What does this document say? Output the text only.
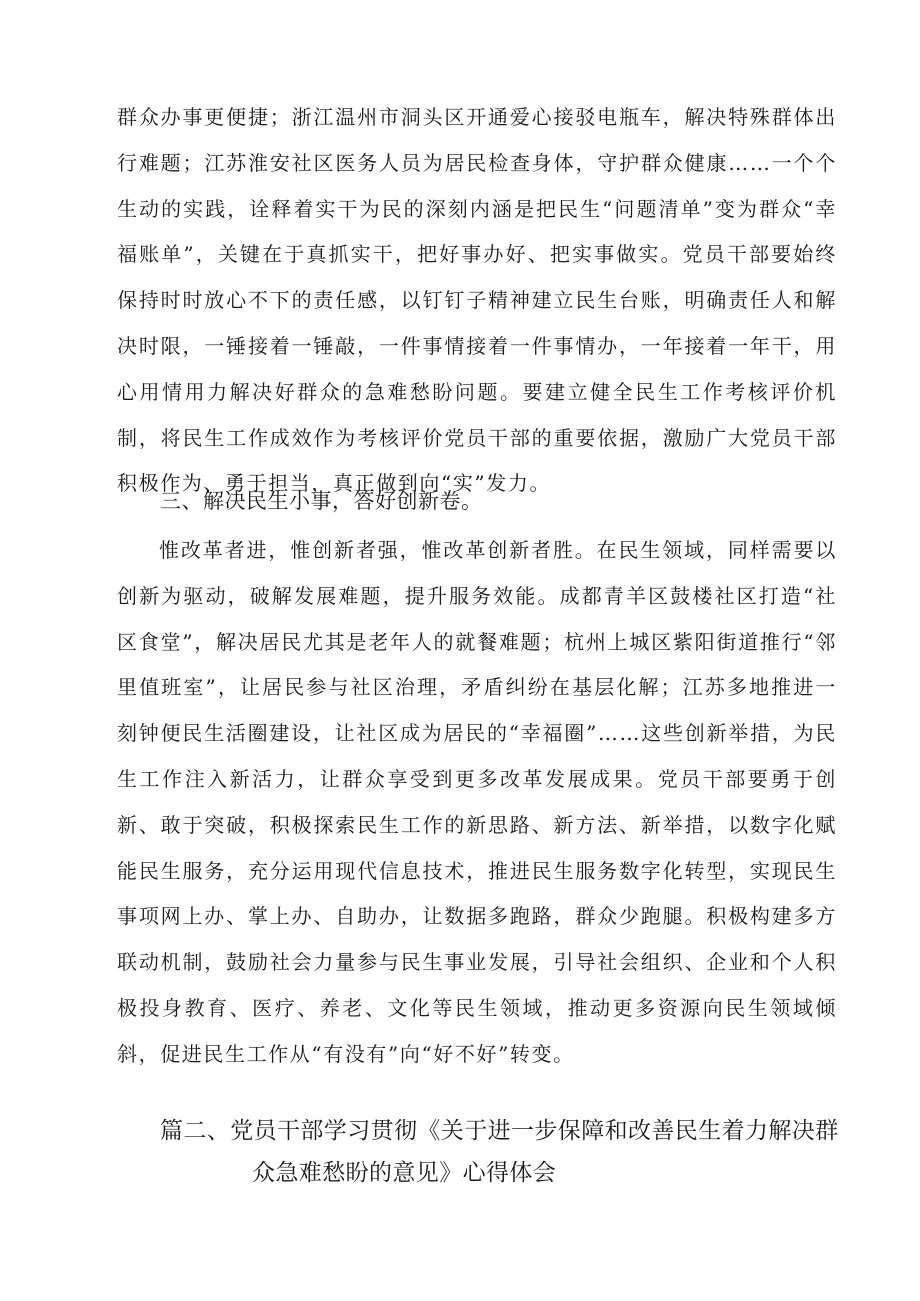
群众办事更便捷；浙江温州市洞头区开通爱心接驳电瓶车，解决特殊群体出行难题；江苏淮安社区医务人员为居民检查身体，守护群众健康……一个个生动的实践，诠释着实干为民的深刻内涵是把民生“问题清单”变为群众“幸福账单”，关键在于真抓实干，把好事办好、把实事做实。党员干部要始终保持时时放心不下的责任感，以钉钉子精神建立民生台账，明确责任人和解决时限，一锤接着一锤敲，一件事情接着一件事情办，一年接着一年干，用心用情用力解决好群众的急难愁盼问题。要建立健全民生工作考核评价机制，将民生工作成效作为考核评价党员干部的重要依据，激励广大党员干部积极作为、勇于担当，真正做到向“实”发力。

三、解决民生小事，答好创新卷。

惟改革者进，惟创新者强，惟改革创新者胜。在民生领域，同样需要以创新为驱动，破解发展难题，提升服务效能。成都青羊区鼓楼社区打造“社区食堂”，解决居民尤其是老年人的就餐难题；杭州上城区紫阳街道推行“邻里值班室”，让居民参与社区治理，矛盾纠纷在基层化解；江苏多地推进一刻钟便民生活圈建设，让社区成为居民的“幸福圈”……这些创新举措，为民生工作注入新活力，让群众享受到更多改革发展成果。党员干部要勇于创新、敢于突破，积极探索民生工作的新思路、新方法、新举措，以数字化赋能民生服务，充分运用现代信息技术，推进民生服务数字化转型，实现民生事项网上办、掌上办、自助办，让数据多跑路，群众少跑腿。积极构建多方联动机制，鼓励社会力量参与民生事业发展，引导社会组织、企业和个人积极投身教育、医疗、养老、文化等民生领域，推动更多资源向民生领域倾斜，促进民生工作从“有没有”向“好不好”转变。

篇二、党员干部学习贯彻《关于进一步保障和改善民生着力解决群
众急难愁盼的意见》心得体会
